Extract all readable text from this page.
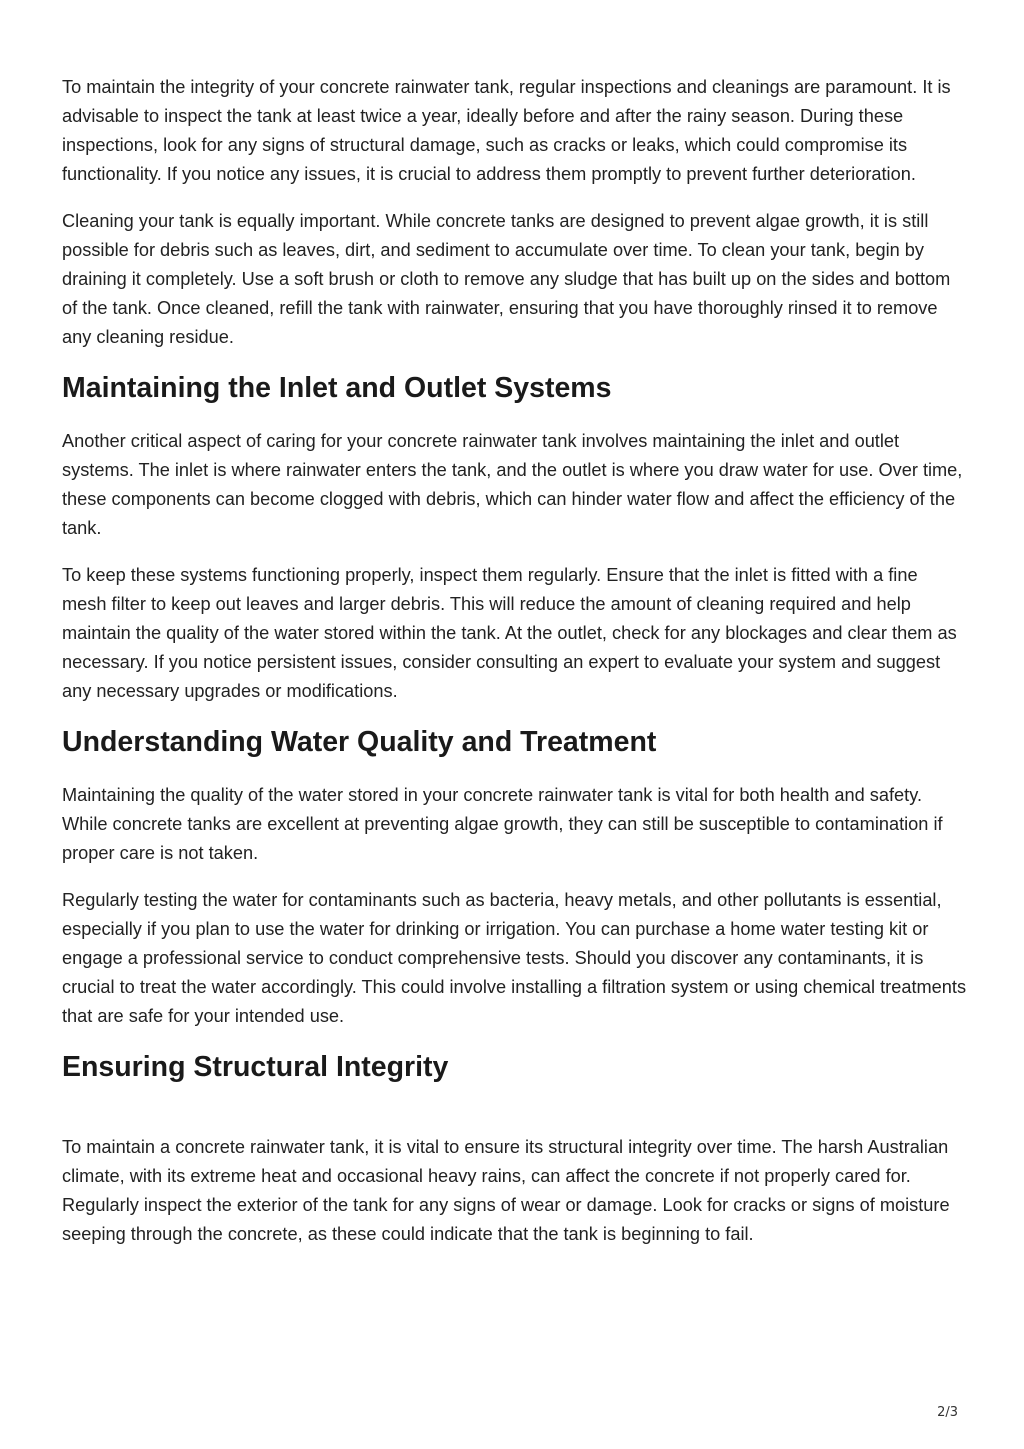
To maintain the integrity of your concrete rainwater tank, regular inspections and cleanings are paramount. It is advisable to inspect the tank at least twice a year, ideally before and after the rainy season. During these inspections, look for any signs of structural damage, such as cracks or leaks, which could compromise its functionality. If you notice any issues, it is crucial to address them promptly to prevent further deterioration.

Cleaning your tank is equally important. While concrete tanks are designed to prevent algae growth, it is still possible for debris such as leaves, dirt, and sediment to accumulate over time. To clean your tank, begin by draining it completely. Use a soft brush or cloth to remove any sludge that has built up on the sides and bottom of the tank. Once cleaned, refill the tank with rainwater, ensuring that you have thoroughly rinsed it to remove any cleaning residue.

Maintaining the Inlet and Outlet Systems

Another critical aspect of caring for your concrete rainwater tank involves maintaining the inlet and outlet systems. The inlet is where rainwater enters the tank, and the outlet is where you draw water for use. Over time, these components can become clogged with debris, which can hinder water flow and affect the efficiency of the tank.

To keep these systems functioning properly, inspect them regularly. Ensure that the inlet is fitted with a fine mesh filter to keep out leaves and larger debris. This will reduce the amount of cleaning required and help maintain the quality of the water stored within the tank. At the outlet, check for any blockages and clear them as necessary. If you notice persistent issues, consider consulting an expert to evaluate your system and suggest any necessary upgrades or modifications.

Understanding Water Quality and Treatment

Maintaining the quality of the water stored in your concrete rainwater tank is vital for both health and safety. While concrete tanks are excellent at preventing algae growth, they can still be susceptible to contamination if proper care is not taken.

Regularly testing the water for contaminants such as bacteria, heavy metals, and other pollutants is essential, especially if you plan to use the water for drinking or irrigation. You can purchase a home water testing kit or engage a professional service to conduct comprehensive tests. Should you discover any contaminants, it is crucial to treat the water accordingly. This could involve installing a filtration system or using chemical treatments that are safe for your intended use.

Ensuring Structural Integrity

To maintain a concrete rainwater tank, it is vital to ensure its structural integrity over time. The harsh Australian climate, with its extreme heat and occasional heavy rains, can affect the concrete if not properly cared for. Regularly inspect the exterior of the tank for any signs of wear or damage. Look for cracks or signs of moisture seeping through the concrete, as these could indicate that the tank is beginning to fail.

2/3
